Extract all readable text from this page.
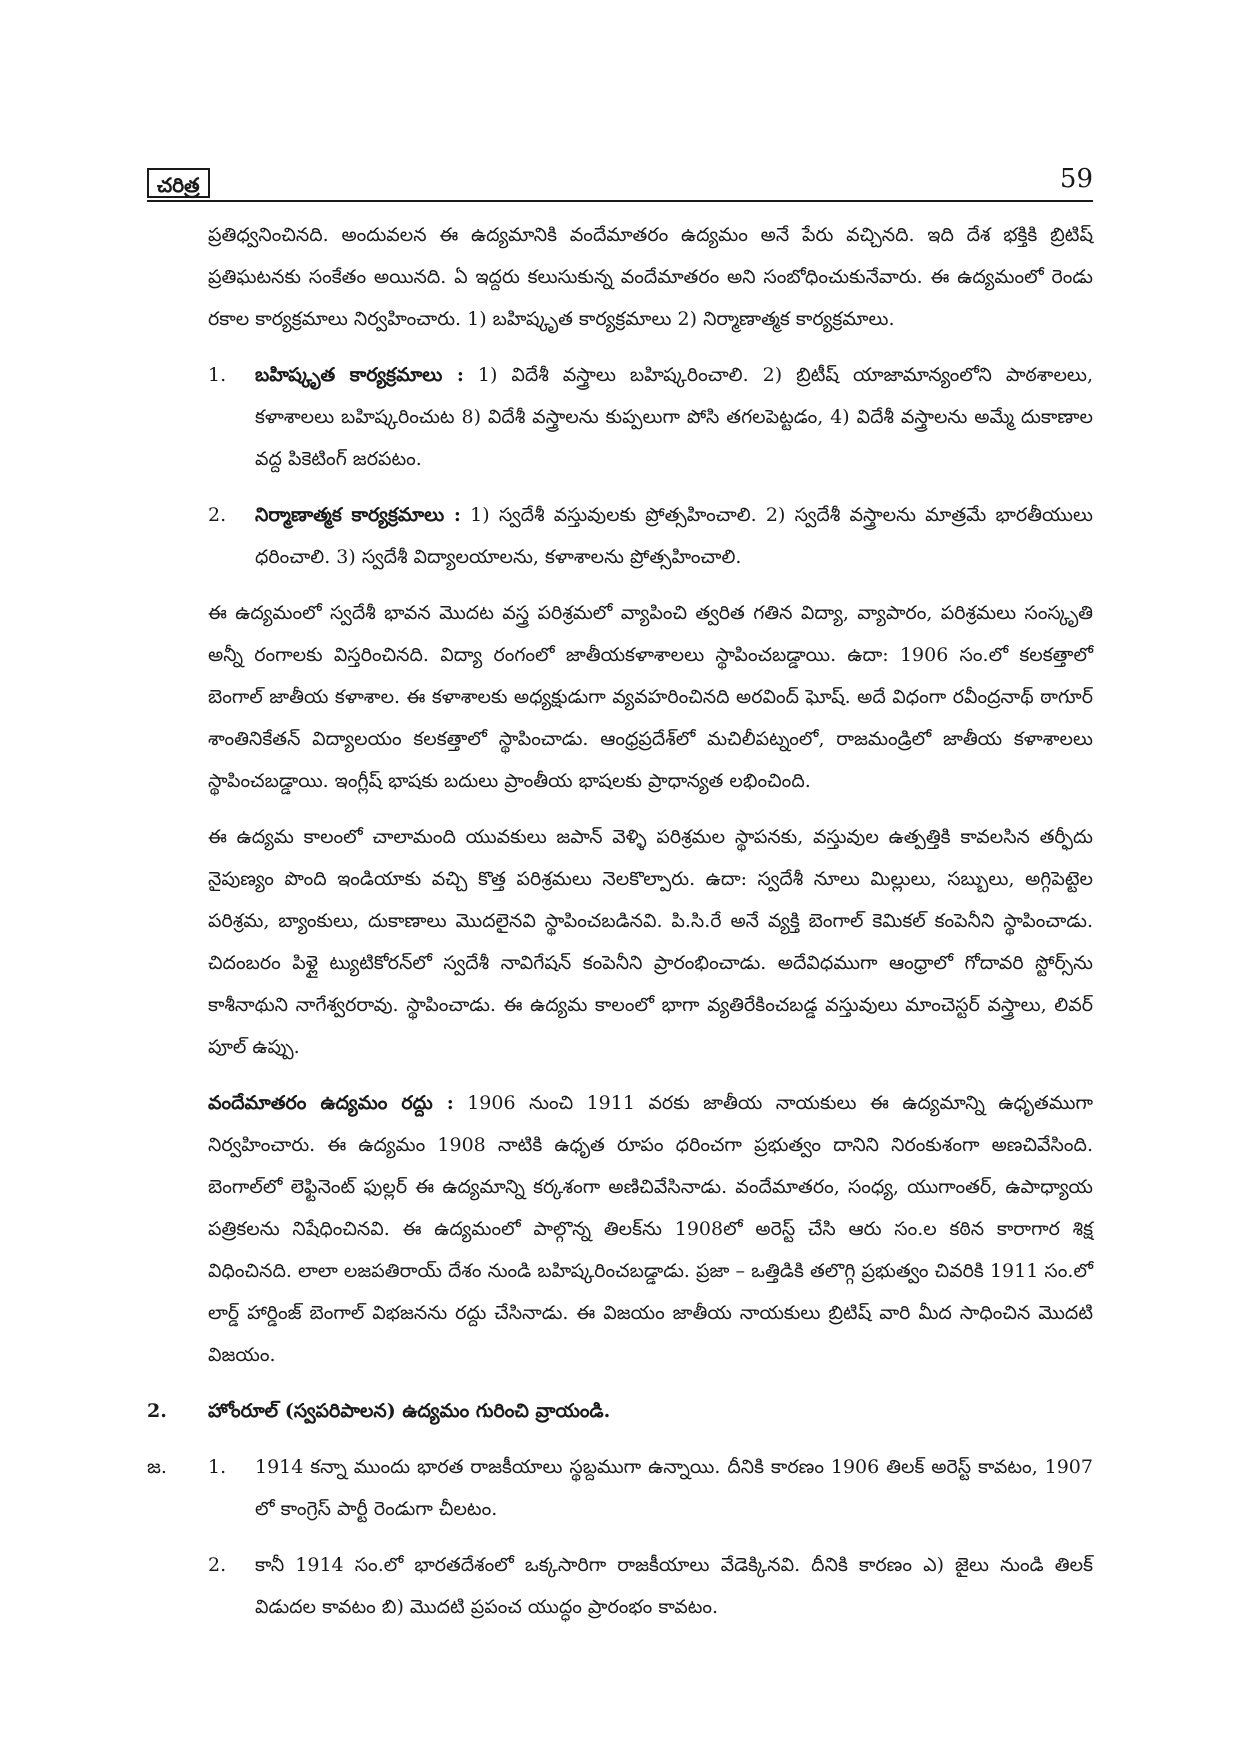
చరిత్ర	59

ప్రతిధ్వనించినది. అందువలన ఈ ఉద్యమానికి వందేమాతరం ఉద్యమం అనే పేరు వచ్చినది. ఇది దేశ భక్తికి బ్రిటిష్ ప్రతిఘటనకు సంకేతం అయినది. ఏ ఇద్దరు కలుసుకున్న వందేమాతరం అని సంబోధించుకునేవారు. ఈ ఉద్యమంలో రెండు రకాల కార్యక్రమాలు నిర్వహించారు. 1) బహిష్కృత కార్యక్రమాలు 2) నిర్మాణాత్మక కార్యక్రమాలు.

1. బహిష్కృత కార్యక్రమాలు : 1) విదేశీ వస్త్రాలు బహిష్కరించాలి. 2) బ్రిటీష్ యాజామాన్యంలోని పాఠశాలలు, కళాశాలలు బహిష్కరించుట 8) విదేశీ వస్త్రాలను కుప్పలుగా పోసి తగలపెట్టడం, 4) విదేశీ వస్త్రాలను అమ్మే దుకాణాల వద్ద పికెటింగ్ జరపటం.
2. నిర్మాణాత్మక కార్యక్రమాలు : 1) స్వదేశీ వస్తువులకు ప్రోత్సహించాలి. 2) స్వదేశీ వస్త్రాలను మాత్రమే భారతీయులు ధరించాలి. 3) స్వదేశీ విద్యాలయాలను, కళాశాలను ప్రోత్సహించాలి.

ఈ ఉద్యమంలో స్వదేశీ భావన మొదట వస్త్ర పరిశ్రమలో వ్యాపించి త్వరిత గతిన విద్యా, వ్యాపారం, పరిశ్రమలు సంస్కృతి అన్నీ రంగాలకు విస్తరించినది. విద్యా రంగంలో జాతీయకళాశాలలు స్థాపించబడ్డాయి. ఉదా: 1906 సం.లో కలకత్తాలో బెంగాల్ జాతీయ కళాశాల. ఈ కళాశాలకు అధ్యక్షుడుగా వ్యవహరించినది అరవింద్ ఘోష్. అదే విధంగా రవీంద్రనాథ్ ఠాగూర్ శాంతినికేతన్ విద్యాలయం కలకత్తాలో స్థాపించాడు. ఆంధ్రప్రదేశ్‌లో మచిలీపట్నంలో, రాజమండ్రిలో జాతీయ కళాశాలలు స్థాపించబడ్డాయి. ఇంగ్లీష్ భాషకు బదులు ప్రాంతీయ భాషలకు ప్రాధాన్యత లభించింది.

ఈ ఉద్యమ కాలంలో చాలామంది యువకులు జపాన్ వెళ్ళి పరిశ్రమల స్థాపనకు, వస్తువుల ఉత్పత్తికి కావలసిన తర్ఫీదు నైపుణ్యం పొంది ఇండియాకు వచ్చి కొత్త పరిశ్రమలు నెలకొల్పారు. ఉదా: స్వదేశీ నూలు మిల్లులు, సబ్బులు, అగ్గిపెట్టెల పరిశ్రమ, బ్యాంకులు, దుకాణాలు మొదలైనవి స్థాపించబడినవి. పి.సి.రే అనే వ్యక్తి బెంగాల్ కెమికల్ కంపెనీని స్థాపించాడు. చిదంబరం పిళ్లై ట్యుటికోరన్‌లో స్వదేశీ నావిగేషన్ కంపెనీని ప్రారంభించాడు. అదేవిధముగా ఆంధ్రాలో గోదావరి స్టోర్స్‌ను కాశీనాథుని నాగేశ్వరరావు. స్థాపించాడు. ఈ ఉద్యమ కాలంలో భాగా వ్యతిరేకించబడ్డ వస్తువులు మాంచెస్టర్ వస్త్రాలు, లివర్ పూల్ ఉప్పు.

వందేమాతరం ఉద్యమం రద్దు : 1906 నుంచి 1911 వరకు జాతీయ నాయకులు ఈ ఉద్యమాన్ని ఉధృతముగా నిర్వహించారు. ఈ ఉద్యమం 1908 నాటికి ఉధృత రూపం ధరించగా ప్రభుత్వం దానిని నిరంకుశంగా అణచివేసింది. బెంగాల్‌లో లెఫ్టినెంట్ ఫుల్లర్ ఈ ఉద్యమాన్ని కర్కశంగా అణిచివేసినాడు. వందేమాతరం, సంధ్య, యుగాంతర్, ఉపాధ్యాయ పత్రికలను నిషేధించినవి. ఈ ఉద్యమంలో పాల్గొన్న తిలక్‌ను 1908లో అరెస్ట్ చేసి ఆరు సం.ల కఠిన కారాగార శిక్ష విధించినది. లాలా లజపతిరాయ్ దేశం నుండి బహిష్కరించబడ్డాడు. ప్రజా – ఒత్తిడికి తలొగ్గి ప్రభుత్వం చివరికి 1911 సం.లో లార్డ్ హార్డింజ్ బెంగాల్ విభజనను రద్దు చేసినాడు. ఈ విజయం జాతీయ నాయకులు బ్రిటిష్ వారి మీద సాధించిన మొదటి విజయం.

2. హోంరూల్ (స్వపరిపాలన) ఉద్యమం గురించి వ్రాయండి.

జ. 1. 1914 కన్నా ముందు భారత రాజకీయాలు స్థబ్దముగా ఉన్నాయి. దీనికి కారణం 1906 తిలక్ అరెస్ట్ కావటం, 1907 లో కాంగ్రెస్ పార్టీ రెండుగా చీలటం.
2. కానీ 1914 సం.లో భారతదేశంలో ఒక్కసారిగా రాజకీయాలు వేడెక్కినవి. దీనికి కారణం ఎ) జైలు నుండి తిలక్ విడుదల కావటం బి) మొదటి ప్రపంచ యుద్ధం ప్రారంభం కావటం.
